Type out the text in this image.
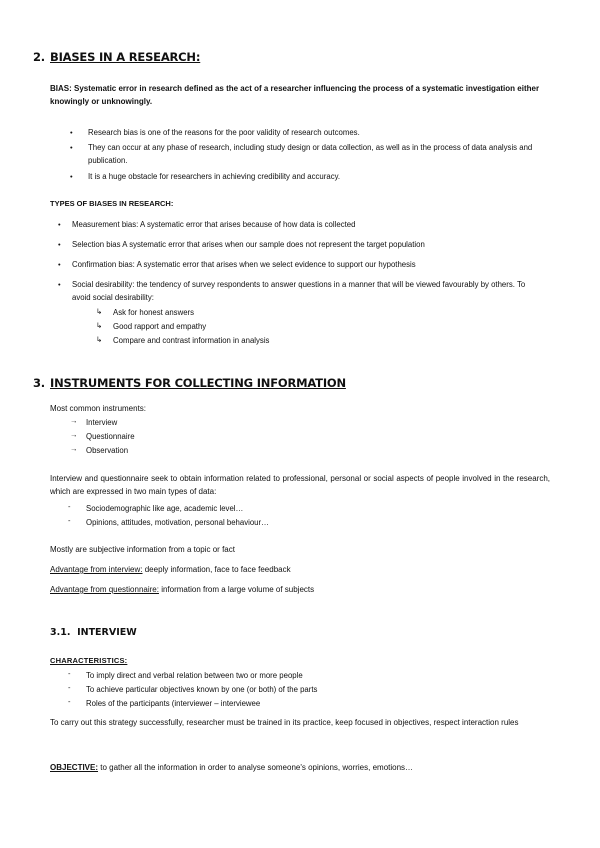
2. BIASES IN A RESEARCH:
BIAS: Systematic error in research defined as the act of a researcher influencing the process of a systematic investigation either knowingly or unknowingly.
• Research bias is one of the reasons for the poor validity of research outcomes.
• They can occur at any phase of research, including study design or data collection, as well as in the process of data analysis and publication.
• It is a huge obstacle for researchers in achieving credibility and accuracy.
TYPES OF BIASES IN RESEARCH:
• Measurement bias: A systematic error that arises because of how data is collected
• Selection bias A systematic error that arises when our sample does not represent the target population
• Confirmation bias: A systematic error that arises when we select evidence to support our hypothesis
• Social desirability: the tendency of survey respondents to answer questions in a manner that will be viewed favourably by others. To avoid social desirability:
↳ Ask for honest answers
↳ Good rapport and empathy
↳ Compare and contrast information in analysis
3. INSTRUMENTS FOR COLLECTING INFORMATION
Most common instruments:
→ Interview
→ Questionnaire
→ Observation
Interview and questionnaire seek to obtain information related to professional, personal or social aspects of people involved in the research, which are expressed in two main types of data:
- Sociodemographic like age, academic level…
- Opinions, attitudes, motivation, personal behaviour…
Mostly are subjective information from a topic or fact
Advantage from interview: deeply information, face to face feedback
Advantage from questionnaire: information from a large volume of subjects
3.1. INTERVIEW
CHARACTERISTICS:
- To imply direct and verbal relation between two or more people
- To achieve particular objectives known by one (or both) of the parts
- Roles of the participants (interviewer – interviewee
To carry out this strategy successfully, researcher must be trained in its practice, keep focused in objectives, respect interaction rules
OBJECTIVE: to gather all the information in order to analyse someone's opinions, worries, emotions…
